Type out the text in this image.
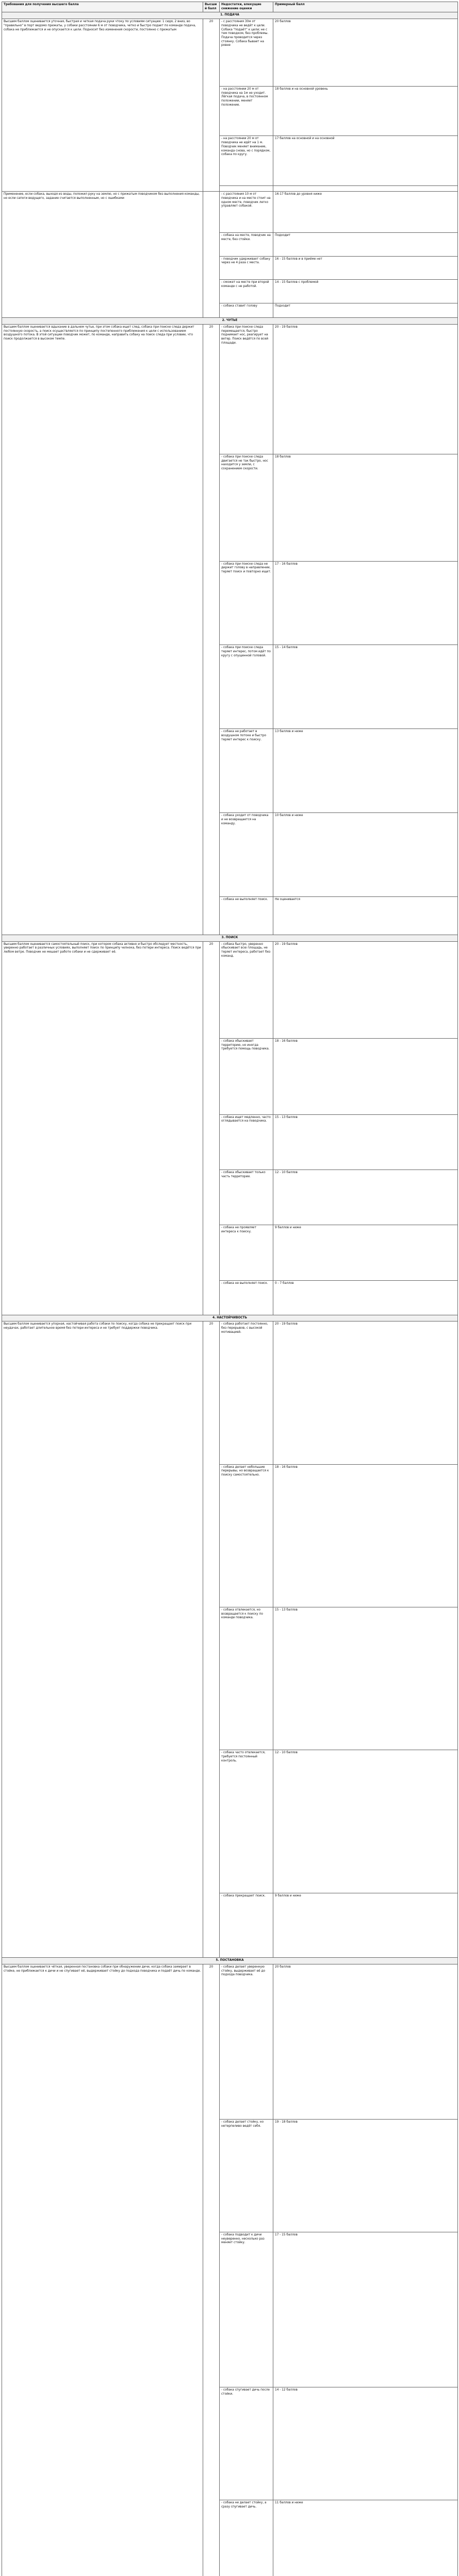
Требования для получения высшего балла	Высший балл	Недостатки, влекущие снижение оценки	Примерный балл
1. ПОДАЧА			
Высшим баллом оценивается уточная, быстрая и четкая подача руки чтоку по условиям ситуации: 1 сидя, 2 вниз, во "правильно" в порт ведомо прижаты, у собаки расстоянии 6 м от поводчика, четко и быстро подает по команде подача, собака не приближается и не опускается к цели. Подносит без изменения скорости, постоянно с прижатым	20	- с расстояния 30м от поводчика не ведёт к цели. Собака "подаёт" к цели; не с тем поводком, без проблемы. Подача проводится через стоянку. Собака бывает на ровне	20 баллов
		- на расстоянии 20 м от поводчика на 1м не уходит. Лёгкая подача, в постоянном положении, меняет положение.	18 баллов и на основной уровень
		- на расстоянии 20 м от поводчика не идёт на 1 м. Поводчик меняет внимание, команда снова, но с порядком, собака по кругу.	17 баллов на основной и на основной

Применение, если собака, выходя из воды, положил руку на землю, но с прижатым поводчиком без выполнения команды, но если сапоги ведущего, задание считается выполненным, но с ошибками		- с расстояния 10 м от поводчика и на месте стоит на одном месте, поводчик легко управляет собакой.	16-17 баллов до уровня ниже
		- собака на месте, поводчик на месте, без стойки.	Подходит
		- поводчик удерживает собаку через не 4 раза с места.	16 - 15 баллов и в приёме нет
		- сможет на месте при второй команде с не работой.	14 - 15 баллов с проблемой
		- собака ставит голову	Подходит
2. ЧУТЬЕ			
Высшим баллом оценивается вдыхание в дальнем чутье, при этом собака ищет след, собака при поиске следа держит постоянную скорость, а поиск осуществляется по принципу постепенного приближения к цели с использованием воздушного потока. В этой ситуации поводчик может, по команде, направить собаку на поиск следа при условии, что поиск продолжается в высоком темпе.	20	- собака при поиске следа перемещается, быстро поднимает нос, реагирует на ветер. Поиск ведётся по всей площади.	20 - 19 баллов
		- собака при поиске следа двигается не так быстро, нос находится у земли, с сохранением скорости.	18 баллов
		- собака при поиске следа не держит голову в направлении, теряет поиск и повторно ищет.	17 - 16 баллов
		- собака при поиске следа теряет интерес, потом идёт по кругу с опущенной головой.	15 - 14 баллов
		- собака не работает в воздушном потоке и быстро теряет интерес к поиску.	13 баллов и ниже
		- собака уходит от поводчика и не возвращается на команду.	10 баллов и ниже
		- собака не выполняет поиск.	Не оценивается
3. ПОИСК			
Высшим баллом оценивается самостоятельный поиск, при котором собака активно и быстро обследует местность, уверенно работает в различных условиях, выполняет поиск по принципу челнока, без потери интереса. Поиск ведётся при любом ветре. Поводчик не мешает работе собаки и не сдерживает её.	20	- собака быстро, уверенно обыскивает всю площадь, не теряет интереса, работает без команд.	20 - 19 баллов
		- собака обыскивает территорию, но иногда требуется помощь поводчика.	18 - 16 баллов
		- собака ищет медленно, часто оглядывается на поводчика.	15 - 13 баллов
		- собака обыскивает только часть территории.	12 - 10 баллов
		- собака не проявляет интереса к поиску.	9 баллов и ниже
		- собака не выполняет поиск.	0 - 7 баллов
4. НАСТОЙЧИВОСТЬ			
Высшим баллом оценивается упорная, настойчивая работа собаки по поиску, когда собака не прекращает поиск при неудачах, работает длительное время без потери интереса и не требует поддержки поводчика.	20	- собака работает постоянно, без перерывов, с высокой мотивацией.	20 - 19 баллов
		- собака делает небольшие перерывы, но возвращается к поиску самостоятельно.	18 - 16 баллов
		- собака отвлекается, но возвращается к поиску по команде поводчика.	15 - 13 баллов
		- собака часто отвлекается, требуется постоянный контроль.	12 - 10 баллов
		- собака прекращает поиск.	9 баллов и ниже
5. ПОСТАНОВКА			
Высшим баллом оценивается чёткая, уверенная постановка собаки при обнаружении дичи, когда собака замирает в стойке, не приближается к дичи и не спугивает её, выдерживает стойку до подхода поводчика и подаёт дичь по команде.	20	- собака делает уверенную стойку, выдерживает её до подхода поводчика.	20 баллов
		- собака делает стойку, но нетерпеливо ведёт себя.	19 - 18 баллов
		- собака подводит к дичи неуверенно, несколько раз меняет стойку.	17 - 15 баллов
		- собака спугивает дичь после стойки.	14 - 12 баллов
		- собака не делает стойку, а сразу спугивает дичь.	11 баллов и ниже
